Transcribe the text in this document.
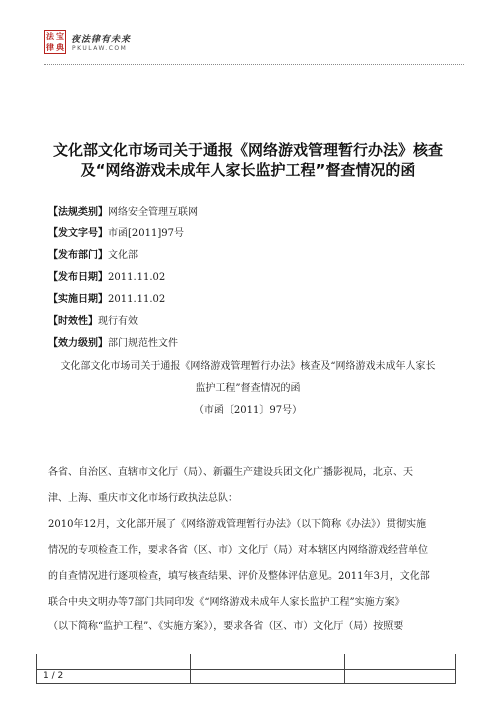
法 宝
律 典
夜法律有未来
PKULAW.COM
文化部文化市场司关于通报《网络游戏管理暂行办法》核查
及“网络游戏未成年人家长监护工程”督查情况的函
【法规类别】网络安全管理互联网
【发文字号】市函[2011]97号
【发布部门】文化部
【发布日期】2011.11.02
【实施日期】2011.11.02
【时效性】现行有效
【效力级别】部门规范性文件
文化部文化市场司关于通报《网络游戏管理暂行办法》核查及“网络游戏未成年人家长
监护工程”督查情况的函
（市函〔2011〕97号）
各省、自治区、直辖市文化厅（局）、新疆生产建设兵团文化广播影视局，北京、天
津、上海、重庆市文化市场行政执法总队：
2010年12月，文化部开展了《网络游戏管理暂行办法》（以下简称《办法》）贯彻实施
情况的专项检查工作，要求各省（区、市）文化厅（局）对本辖区内网络游戏经营单位
的自查情况进行逐项检查，填写核查结果、评价及整体评估意见。2011年3月，文化部
联合中央文明办等7部门共同印发《“网络游戏未成年人家长监护工程”实施方案》
（以下简称“监护工程”、《实施方案》），要求各省（区、市）文化厅（局）按照要
1 / 2
